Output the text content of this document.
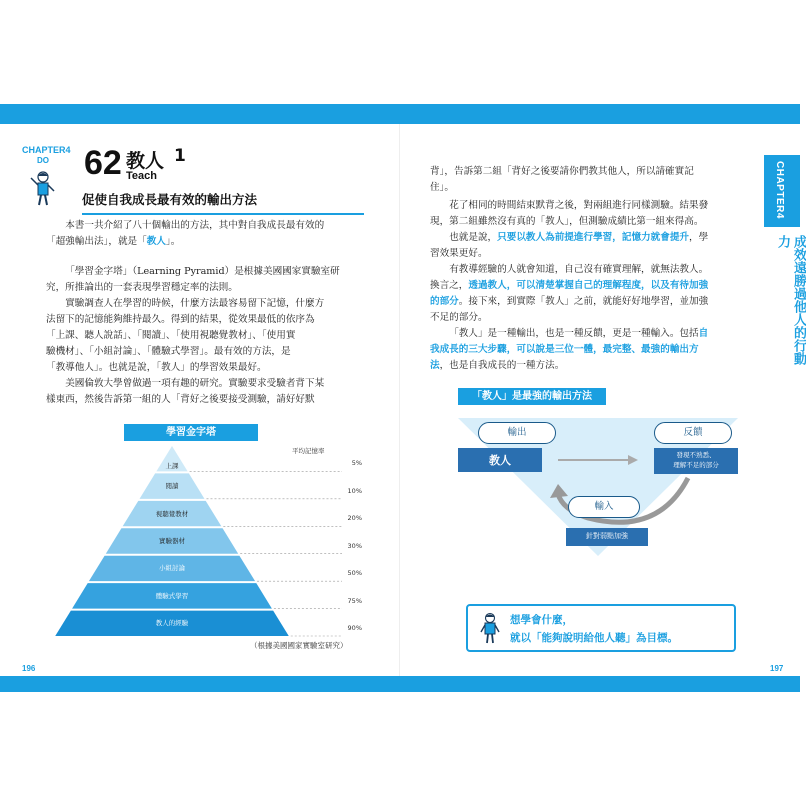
CHAPTER4
DO	62 教人 1
Teach
促使自我成長最有效的輸出方法
本書一共介紹了八十個輸出的方法，其中對自我成長最有效的
「超強輸出法」，就是「教人」。
「學習金字塔」（Learning Pyramid）是根據美國國家實驗室研
究，所推論出的一套表現學習穩定率的法則。
實驗調查人在學習的時候，什麼方法最容易留下記憶，什麼方
法留下的記憶能夠維持最久。得到的結果，從效果最低的依序為
「上課、聽人說話」、「閱讀」、「使用視聽覺教材」、「使用實
驗機材」、「小組討論」、「體驗式學習」。最有效的方法，是
「教導他人」。也就是說，「教人」的學習效果最好。
美國倫敦大學曾做過一項有趣的研究。實驗要求受驗者背下某
樣東西，然後告訴第一組的人「背好之後要接受測驗，請好好默
學習金字塔
上課	5%
閱讀
10%
視聽覺教材
20%
實驗器材
30%
小組討論
50%
體驗式學習
75%
教人的經驗
90%
平均記憶率
（根據美國國家實驗室研究）
196
背」，告訴第二組「背好之後要請你們教其他人，所以請確實記
住」。
花了相同的時間結束默背之後，對兩組進行同樣測驗。結果發
現，第二組雖然沒有真的「教人」，但測驗成績比第一組來得高。
也就是說，只要以教人為前提進行學習，記憶力就會提升，學
習效果更好。
有教導經驗的人就會知道，自己沒有確實理解，就無法教人。
換言之，透過教人，可以清楚掌握自己的理解程度，以及有待加強
的部分。接下來，到實際「教人」之前，就能好好地學習，並加強
不足的部分。
「教人」是一種輸出，也是一種反饋，更是一種輸入。包括自
我成長的三大步驟，可以說是三位一體，最完整、最強的輸出方
法，也是自我成長的一種方法。
「教人」是最強的輸出方法
輸出	反饋
輸入
教人	發現不熟悉、
理解不足的部分
針對弱點加強
想學會什麼，
就以「能夠說明給他人聽」為目標。
197
CHAPTER4
成效遠勝過他人的行動力
